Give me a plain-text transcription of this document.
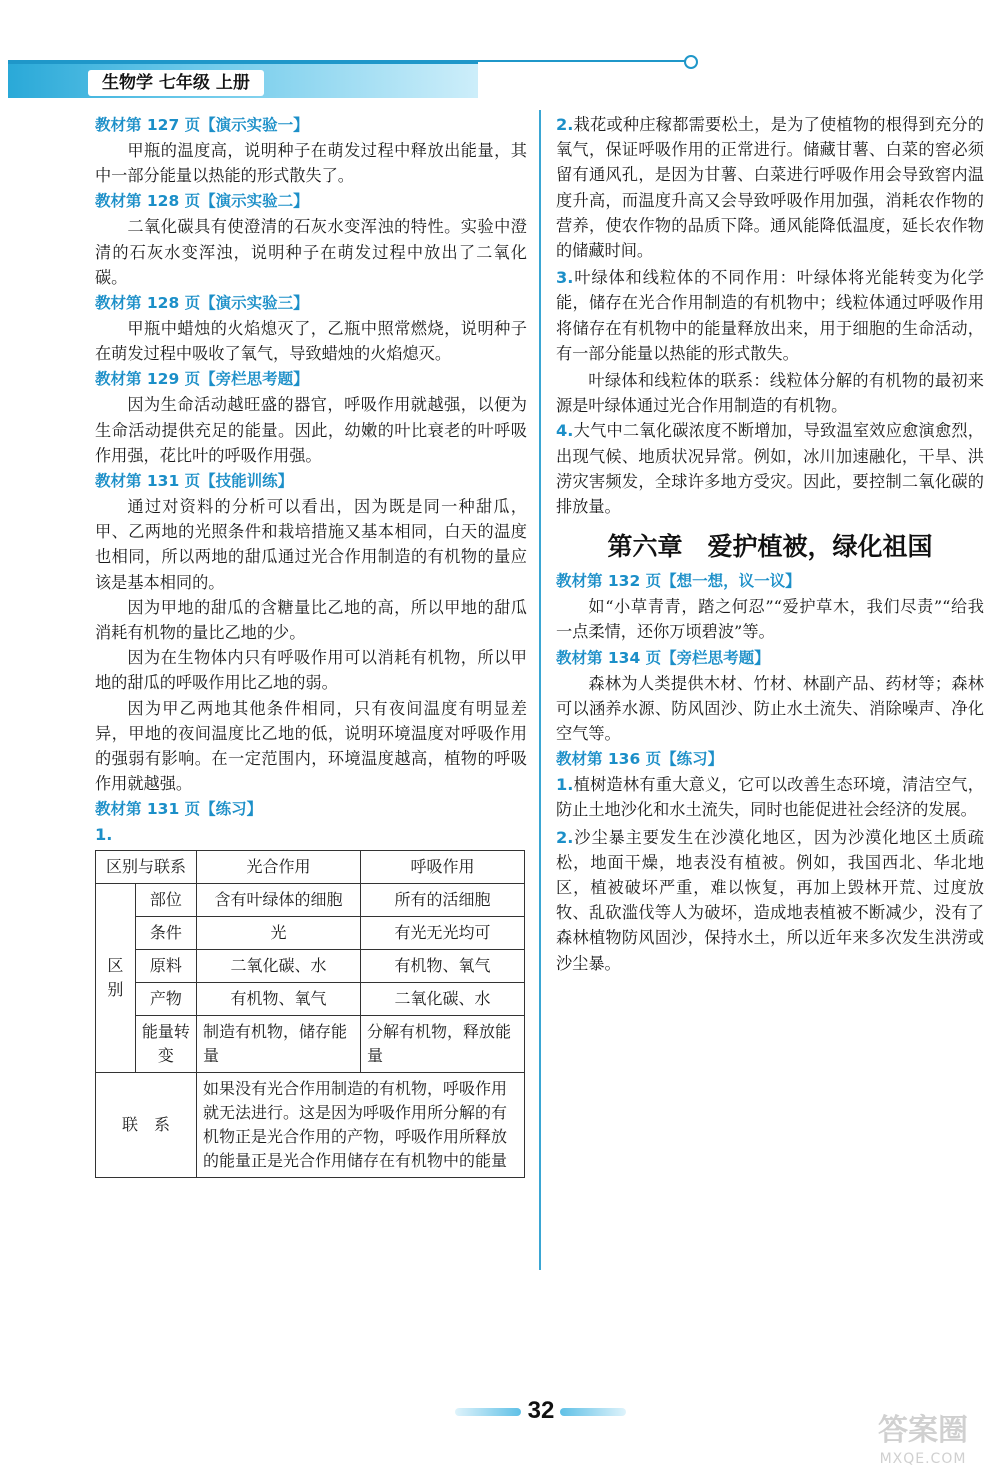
生物学 七年级 上册
教材第 127 页【演示实验一】

甲瓶的温度高，说明种子在萌发过程中释放出能量，其中一部分能量以热能的形式散失了。

教材第 128 页【演示实验二】

二氧化碳具有使澄清的石灰水变浑浊的特性。实验中澄清的石灰水变浑浊，说明种子在萌发过程中放出了二氧化碳。

教材第 128 页【演示实验三】

甲瓶中蜡烛的火焰熄灭了，乙瓶中照常燃烧，说明种子在萌发过程中吸收了氧气，导致蜡烛的火焰熄灭。

教材第 129 页【旁栏思考题】

因为生命活动越旺盛的器官，呼吸作用就越强，以便为生命活动提供充足的能量。因此，幼嫩的叶比衰老的叶呼吸作用强，花比叶的呼吸作用强。

教材第 131 页【技能训练】

通过对资料的分析可以看出，因为既是同一种甜瓜，甲、乙两地的光照条件和栽培措施又基本相同，白天的温度也相同，所以两地的甜瓜通过光合作用制造的有机物的量应该是基本相同的。

因为甲地的甜瓜的含糖量比乙地的高，所以甲地的甜瓜消耗有机物的量比乙地的少。

因为在生物体内只有呼吸作用可以消耗有机物，所以甲地的甜瓜的呼吸作用比乙地的弱。

因为甲乙两地其他条件相同，只有夜间温度有明显差异，甲地的夜间温度比乙地的低，说明环境温度对呼吸作用的强弱有影响。在一定范围内，环境温度越高，植物的呼吸作用就越强。

教材第 131 页【练习】
1.
区别与联系		光合作用	呼吸作用
区别	部位	含有叶绿体的细胞	所有的活细胞
	条件	光	有光无光均可
	原料	二氧化碳、水	有机物、氧气
	产物	有机物、氧气	二氧化碳、水
	能量转变	制造有机物，储存能量	分解有机物，释放能量
联　系		如果没有光合作用制造的有机物，呼吸作用就无法进行。这是因为呼吸作用所分解的有机物正是光合作用的产物，呼吸作用所释放的能量正是光合作用储存在有机物中的能量	
2.栽花或种庄稼都需要松土，是为了使植物的根得到充分的氧气，保证呼吸作用的正常进行。储藏甘薯、白菜的窖必须留有通风孔，是因为甘薯、白菜进行呼吸作用会导致窖内温度升高，而温度升高又会导致呼吸作用加强，消耗农作物的营养，使农作物的品质下降。通风能降低温度，延长农作物的储藏时间。
3.叶绿体和线粒体的不同作用：叶绿体将光能转变为化学能，储存在光合作用制造的有机物中；线粒体通过呼吸作用将储存在有机物中的能量释放出来，用于细胞的生命活动，有一部分能量以热能的形式散失。

叶绿体和线粒体的联系：线粒体分解的有机物的最初来源是叶绿体通过光合作用制造的有机物。

4.大气中二氧化碳浓度不断增加，导致温室效应愈演愈烈，出现气候、地质状况异常。例如，冰川加速融化，干旱、洪涝灾害频发，全球许多地方受灾。因此，要控制二氧化碳的排放量。
第六章　爱护植被，绿化祖国
教材第 132 页【想一想，议一议】

如“小草青青，踏之何忍”“爱护草木，我们尽责”“给我一点柔情，还你万顷碧波”等。

教材第 134 页【旁栏思考题】

森林为人类提供木材、竹材、林副产品、药材等；森林可以涵养水源、防风固沙、防止水土流失、消除噪声、净化空气等。

教材第 136 页【练习】
1.植树造林有重大意义，它可以改善生态环境，清洁空气，防止土地沙化和水土流失，同时也能促进社会经济的发展。
2.沙尘暴主要发生在沙漠化地区，因为沙漠化地区土质疏松，地面干燥，地表没有植被。例如，我国西北、华北地区，植被破坏严重，难以恢复，再加上毁林开荒、过度放牧、乱砍滥伐等人为破坏，造成地表植被不断减少，没有了森林植物防风固沙，保持水土，所以近年来多次发生洪涝或沙尘暴。
32
答案圈
MXQE.COM
